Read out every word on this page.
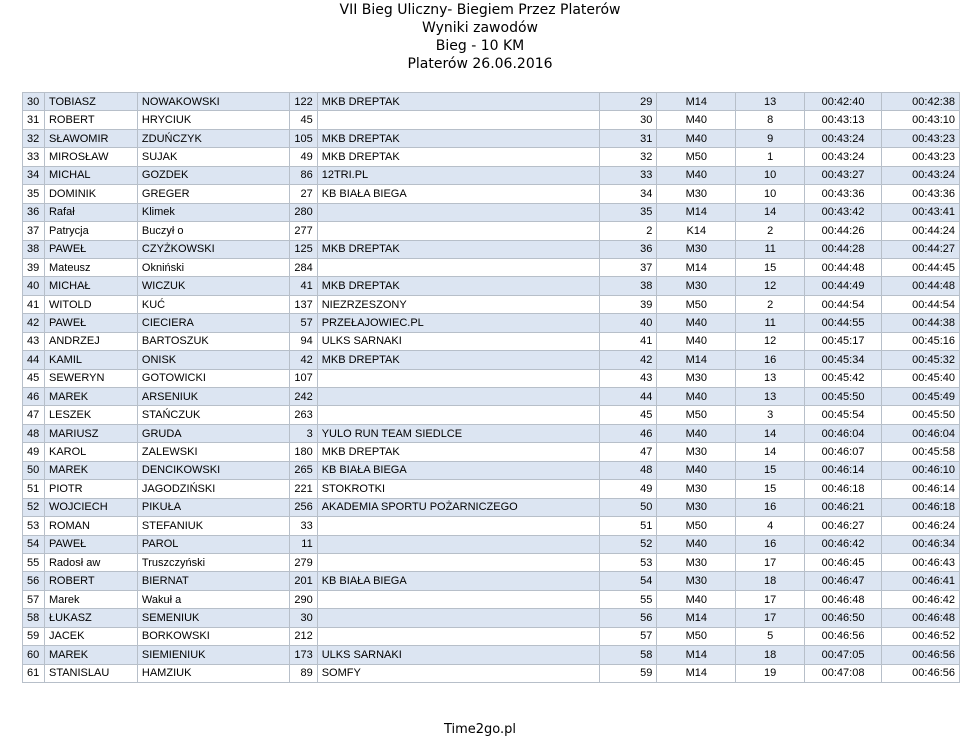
VII Bieg Uliczny- Biegiem Przez Platerów
Wyniki zawodów
Bieg - 10 KM
Platerów 26.06.2016
30	TOBIASZ	NOWAKOWSKI	122	MKB DREPTAK	29	M14	13	00:42:40	00:42:38
31	ROBERT	HRYCIUK	45		30	M40	8	00:43:13	00:43:10
32	SŁAWOMIR	ZDUŃCZYK	105	MKB DREPTAK	31	M40	9	00:43:24	00:43:23
33	MIROSŁAW	SUJAK	49	MKB DREPTAK	32	M50	1	00:43:24	00:43:23
34	MICHAL	GOZDEK	86	12TRI.PL	33	M40	10	00:43:27	00:43:24
35	DOMINIK	GREGER	27	KB BIAŁA BIEGA	34	M30	10	00:43:36	00:43:36
36	Rafał	Klimek	280		35	M14	14	00:43:42	00:43:41
37	Patrycja	Buczył o	277		2	K14	2	00:44:26	00:44:24
38	PAWEŁ	CZYŻKOWSKI	125	MKB DREPTAK	36	M30	11	00:44:28	00:44:27
39	Mateusz	Okniński	284		37	M14	15	00:44:48	00:44:45
40	MICHAŁ	WICZUK	41	MKB DREPTAK	38	M30	12	00:44:49	00:44:48
41	WITOLD	KUĆ	137	NIEZRZESZONY	39	M50	2	00:44:54	00:44:54
42	PAWEŁ	CIECIERA	57	PRZEŁAJOWIEC.PL	40	M40	11	00:44:55	00:44:38
43	ANDRZEJ	BARTOSZUK	94	ULKS SARNAKI	41	M40	12	00:45:17	00:45:16
44	KAMIL	ONISK	42	MKB DREPTAK	42	M14	16	00:45:34	00:45:32
45	SEWERYN	GOTOWICKI	107		43	M30	13	00:45:42	00:45:40
46	MAREK	ARSENIUK	242		44	M40	13	00:45:50	00:45:49
47	LESZEK	STAŃCZUK	263		45	M50	3	00:45:54	00:45:50
48	MARIUSZ	GRUDA	3	YULO RUN TEAM SIEDLCE	46	M40	14	00:46:04	00:46:04
49	KAROL	ZALEWSKI	180	MKB DREPTAK	47	M30	14	00:46:07	00:45:58
50	MAREK	DENCIKOWSKI	265	KB BIAŁA BIEGA	48	M40	15	00:46:14	00:46:10
51	PIOTR	JAGODZIŃSKI	221	STOKROTKI	49	M30	15	00:46:18	00:46:14
52	WOJCIECH	PIKUŁA	256	AKADEMIA SPORTU POŻARNICZEGO	50	M30	16	00:46:21	00:46:18
53	ROMAN	STEFANIUK	33		51	M50	4	00:46:27	00:46:24
54	PAWEŁ	PAROL	11		52	M40	16	00:46:42	00:46:34
55	Radosł aw	Truszczyński	279		53	M30	17	00:46:45	00:46:43
56	ROBERT	BIERNAT	201	KB BIAŁA BIEGA	54	M30	18	00:46:47	00:46:41
57	Marek	Wakuł a	290		55	M40	17	00:46:48	00:46:42
58	ŁUKASZ	SEMENIUK	30		56	M14	17	00:46:50	00:46:48
59	JACEK	BORKOWSKI	212		57	M50	5	00:46:56	00:46:52
60	MAREK	SIEMIENIUK	173	ULKS SARNAKI	58	M14	18	00:47:05	00:46:56
61	STANISLAU	HAMZIUK	89	SOMFY	59	M14	19	00:47:08	00:46:56
Time2go.pl
